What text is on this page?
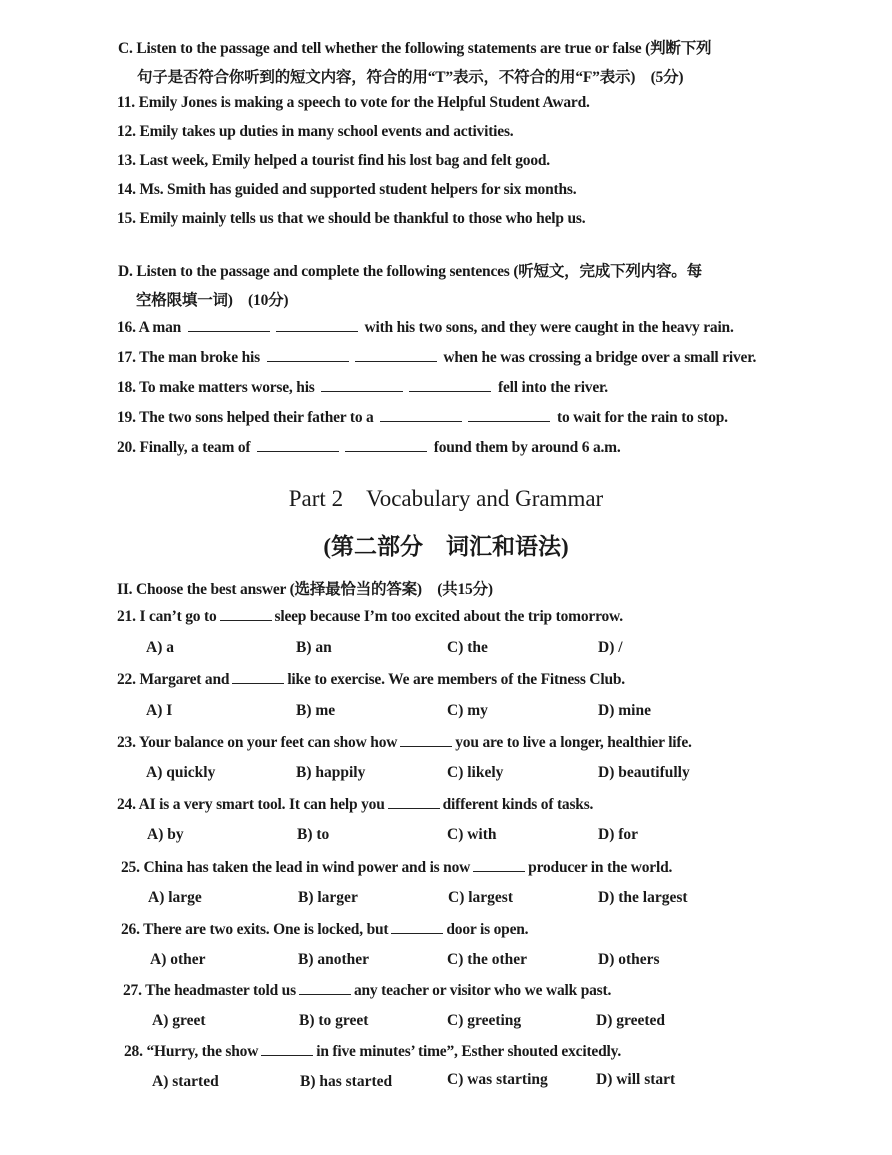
C. Listen to the passage and tell whether the following statements are true or false (判断下列
句子是否符合你听到的短文内容，符合的用“T”表示，不符合的用“F”表示)　(5分)
11. Emily Jones is making a speech to vote for the Helpful Student Award.
12. Emily takes up duties in many school events and activities.
13. Last week, Emily helped a tourist find his lost bag and felt good.
14. Ms. Smith has guided and supported student helpers for six months.
15. Emily mainly tells us that we should be thankful to those who help us.
D. Listen to the passage and complete the following sentences (听短文，完成下列内容。每
空格限填一词)　(10分)
16. A man	with his two sons, and they were caught in the heavy rain.
17. The man broke his	when he was crossing a bridge over a small river.
18. To make matters worse, his	fell into the river.
19. The two sons helped their father to a	to wait for the rain to stop.
20. Finally, a team of	found them by around 6 a.m.
Part 2　Vocabulary and Grammar
(第二部分　词汇和语法)
II. Choose the best answer (选择最恰当的答案)　(共15分)
21. I can’t go to	sleep because I’m too excited about the trip tomorrow.
A) a	B) an	C) the	D) /
22. Margaret and	like to exercise. We are members of the Fitness Club.
A) I	B) me	C) my	D) mine
23. Your balance on your feet can show how	you are to live a longer, healthier life.
A) quickly	B) happily	C) likely	D) beautifully
24. AI is a very smart tool. It can help you	different kinds of tasks.
A) by	B) to	C) with	D) for
25. China has taken the lead in wind power and is now	producer in the world.
A) large	B) larger	C) largest	D) the largest
26. There are two exits. One is locked, but	door is open.
A) other	B) another	C) the other	D) others
27. The headmaster told us	any teacher or visitor who we walk past.
A) greet	B) to greet	C) greeting	D) greeted
28. “Hurry, the show	in five minutes’ time”, Esther shouted excitedly.
A) started	B) has started	C) was starting	D) will start
